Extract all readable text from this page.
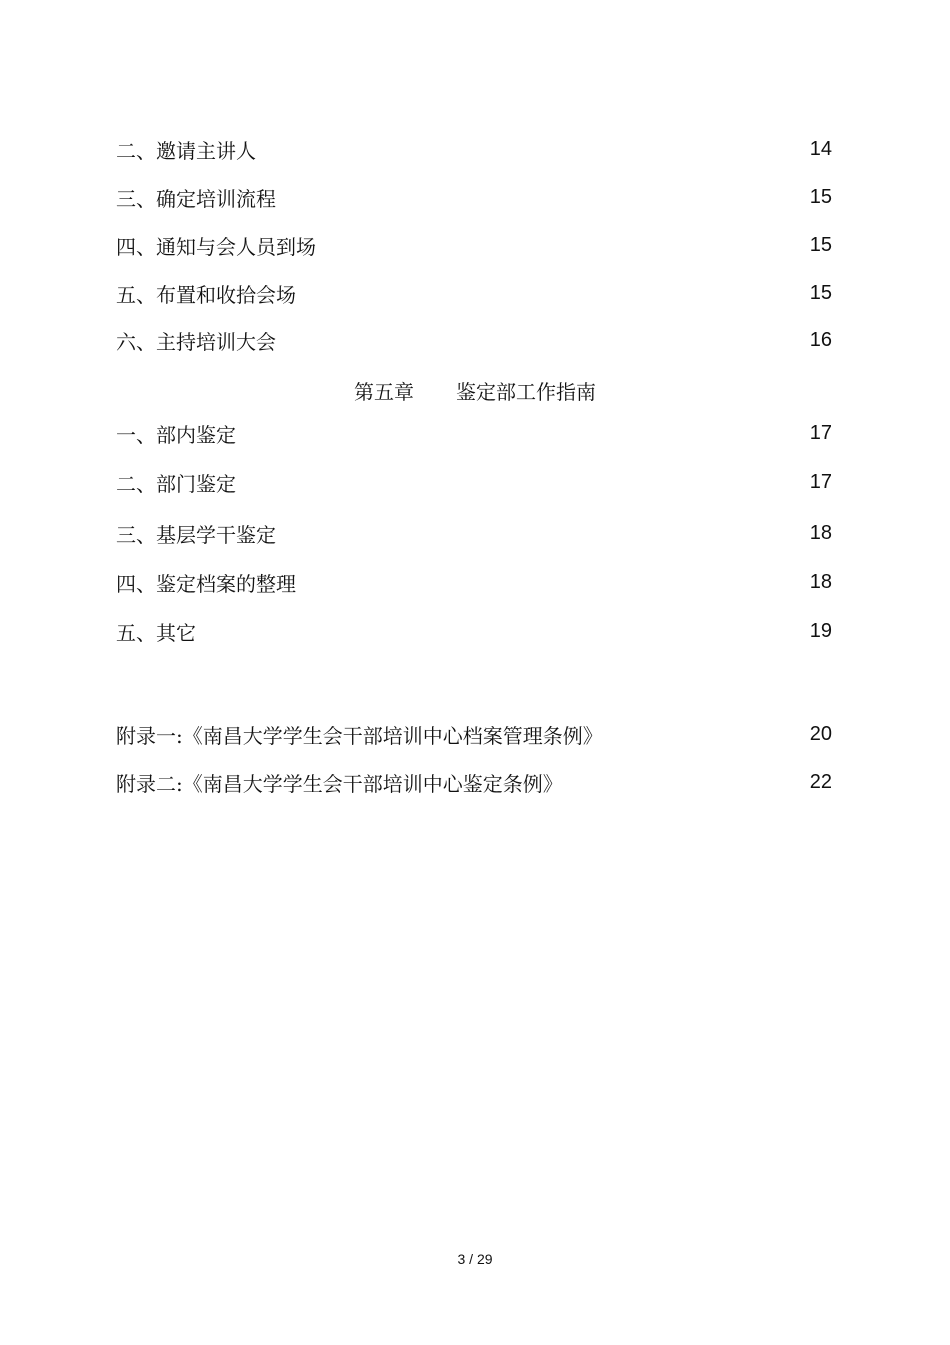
二、邀请主讲人	14
三、确定培训流程	15
四、通知与会人员到场	15
五、布置和收拾会场	15
六、主持培训大会	16
第五章 鉴定部工作指南
一、部内鉴定	17
二、部门鉴定	17
三、基层学干鉴定	18
四、鉴定档案的整理	18
五、其它	19
附录一:《南昌大学学生会干部培训中心档案管理条例》	20
附录二:《南昌大学学生会干部培训中心鉴定条例》	22
3 / 29
